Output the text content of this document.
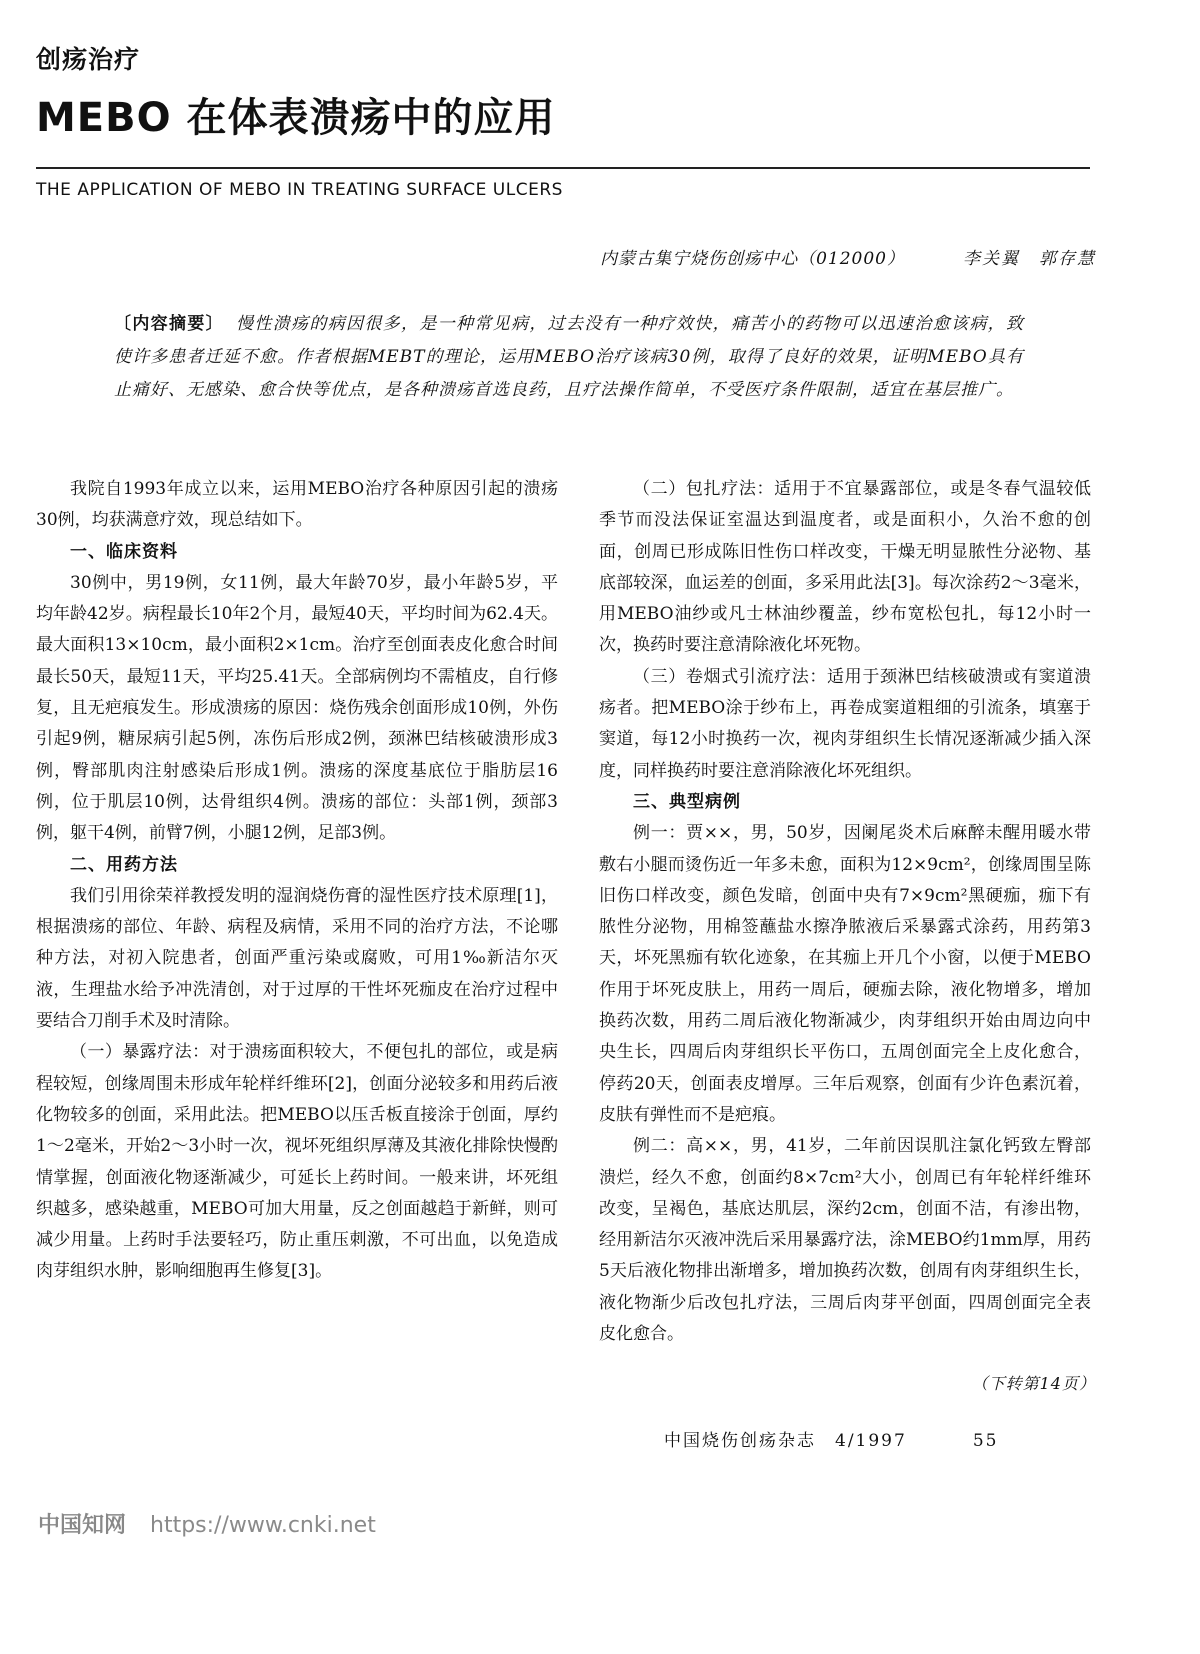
创疡治疗
MEBO 在体表溃疡中的应用
THE APPLICATION OF MEBO IN TREATING SURFACE ULCERS
内蒙古集宁烧伤创疡中心（012000）	李关翼　郭存慧
〔内容摘要〕 慢性溃疡的病因很多，是一种常见病，过去没有一种疗效快，痛苦小的药物可以迅速治愈该病，致使许多患者迁延不愈。作者根据MEBT的理论，运用MEBO治疗该病30例，取得了良好的效果，证明MEBO具有止痛好、无感染、愈合快等优点，是各种溃疡首选良药，且疗法操作简单，不受医疗条件限制，适宜在基层推广。

我院自1993年成立以来，运用MEBO治疗各种原因引起的溃疡30例，均获满意疗效，现总结如下。

一、临床资料

30例中，男19例，女11例，最大年龄70岁，最小年龄5岁，平均年龄42岁。病程最长10年2个月，最短40天，平均时间为62.4天。最大面积13×10cm，最小面积2×1cm。治疗至创面表皮化愈合时间最长50天，最短11天，平均25.41天。全部病例均不需植皮，自行修复，且无疤痕发生。形成溃疡的原因：烧伤残余创面形成10例，外伤引起9例，糖尿病引起5例，冻伤后形成2例，颈淋巴结核破溃形成3例，臀部肌肉注射感染后形成1例。溃疡的深度基底位于脂肪层16例，位于肌层10例，达骨组织4例。溃疡的部位：头部1例，颈部3例，躯干4例，前臂7例，小腿12例，足部3例。

二、用药方法

我们引用徐荣祥教授发明的湿润烧伤膏的湿性医疗技术原理[1]，根据溃疡的部位、年龄、病程及病情，采用不同的治疗方法，不论哪种方法，对初入院患者，创面严重污染或腐败，可用1‰新洁尔灭液，生理盐水给予冲洗清创，对于过厚的干性坏死痂皮在治疗过程中要结合刀削手术及时清除。

（一）暴露疗法：对于溃疡面积较大，不便包扎的部位，或是病程较短，创缘周围未形成年轮样纤维环[2]，创面分泌较多和用药后液化物较多的创面，采用此法。把MEBO以压舌板直接涂于创面，厚约1～2毫米，开始2～3小时一次，视坏死组织厚薄及其液化排除快慢酌情掌握，创面液化物逐渐减少，可延长上药时间。一般来讲，坏死组织越多，感染越重，MEBO可加大用量，反之创面越趋于新鲜，则可减少用量。上药时手法要轻巧，防止重压刺激，不可出血，以免造成肉芽组织水肿，影响细胞再生修复[3]。

（二）包扎疗法：适用于不宜暴露部位，或是冬春气温较低季节而没法保证室温达到温度者，或是面积小，久治不愈的创面，创周已形成陈旧性伤口样改变，干燥无明显脓性分泌物、基底部较深，血运差的创面，多采用此法[3]。每次涂药2～3毫米，用MEBO油纱或凡士林油纱覆盖，纱布宽松包扎，每12小时一次，换药时要注意清除液化坏死物。

（三）卷烟式引流疗法：适用于颈淋巴结核破溃或有窦道溃疡者。把MEBO涂于纱布上，再卷成窦道粗细的引流条，填塞于窦道，每12小时换药一次，视肉芽组织生长情况逐渐减少插入深度，同样换药时要注意消除液化坏死组织。

三、典型病例

例一：贾××，男，50岁，因阑尾炎术后麻醉未醒用暖水带敷右小腿而烫伤近一年多未愈，面积为12×9cm²，创缘周围呈陈旧伤口样改变，颜色发暗，创面中央有7×9cm²黑硬痂，痂下有脓性分泌物，用棉签蘸盐水擦净脓液后采暴露式涂药，用药第3天，坏死黑痂有软化迹象，在其痂上开几个小窗，以便于MEBO作用于坏死皮肤上，用药一周后，硬痂去除，液化物增多，增加换药次数，用药二周后液化物渐减少，肉芽组织开始由周边向中央生长，四周后肉芽组织长平伤口，五周创面完全上皮化愈合，停药20天，创面表皮增厚。三年后观察，创面有少许色素沉着，皮肤有弹性而不是疤痕。

例二：高××，男，41岁，二年前因误肌注氯化钙致左臀部溃烂，经久不愈，创面约8×7cm²大小，创周已有年轮样纤维环改变，呈褐色，基底达肌层，深约2cm，创面不洁，有渗出物，经用新洁尔灭液冲洗后采用暴露疗法，涂MEBO约1mm厚，用药5天后液化物排出渐增多，增加换药次数，创周有肉芽组织生长，液化物渐少后改包扎疗法，三周后肉芽平创面，四周创面完全表皮化愈合。

（下转第14页）
中国烧伤创疡杂志　4/1997	55
中国知网 https://www.cnki.net
